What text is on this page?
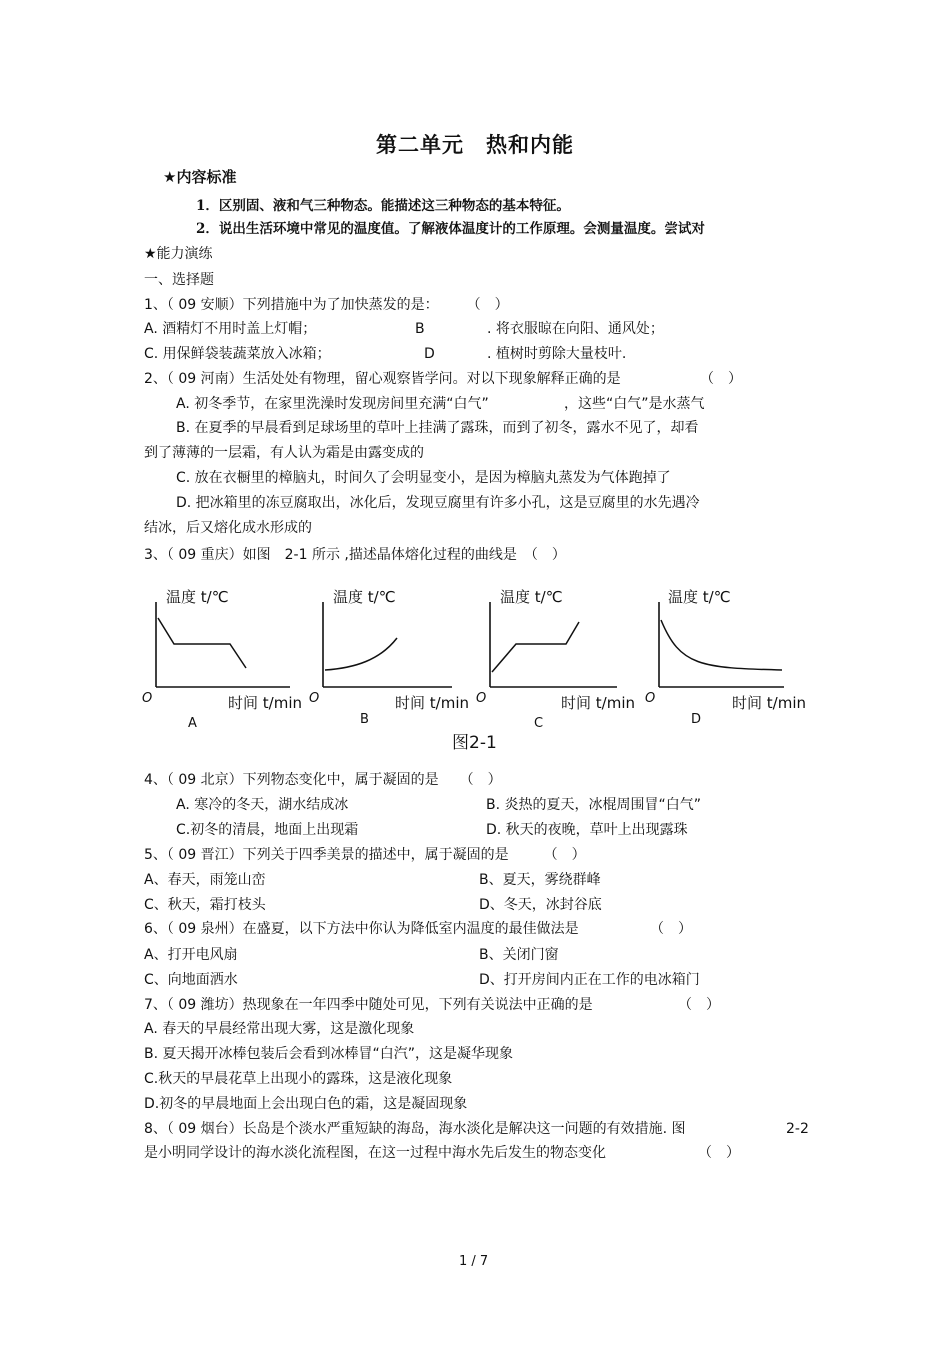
第二单元　热和内能
★内容标准
1．区别固、液和气三种物态。能描述这三种物态的基本特征。
2．说出生活环境中常见的温度值。了解液体温度计的工作原理。会测量温度。尝试对
★能力演练
一、选择题
1、（ 09 安顺）下列措施中为了加快蒸发的是：　　　（　）
A. 酒精灯不用时盖上灯帽；	B	. 将衣服晾在向阳、通风处；
C. 用保鲜袋装蔬菜放入冰箱；	D	. 植树时剪除大量枝叶.
2、（ 09 河南）生活处处有物理，留心观察皆学问。对以下现象解释正确的是	（　）
A. 初冬季节，在家里洗澡时发现房间里充满“白气”	，这些“白气”是水蒸气
B. 在夏季的早晨看到足球场里的草叶上挂满了露珠，而到了初冬，露水不见了，却看
到了薄薄的一层霜，有人认为霜是由露变成的
C. 放在衣橱里的樟脑丸，时间久了会明显变小，是因为樟脑丸蒸发为气体跑掉了
D. 把冰箱里的冻豆腐取出，冰化后，发现豆腐里有许多小孔，这是豆腐里的水先遇冷
结冰，后又熔化成水形成的
3、（ 09 重庆）如图　2-1 所示 ,描述晶体熔化过程的曲线是　（　）
温度 t/℃
O	时间 t/min
A
温度 t/℃
O	时间 t/min
B
温度 t/℃
O	时间 t/min
C
温度 t/℃
O	时间 t/min
D
图2-1
4、（ 09 北京）下列物态变化中，属于凝固的是　　（　）
A. 寒冷的冬天，湖水结成冰	B. 炎热的夏天，冰棍周围冒“白气”
C.初冬的清晨，地面上出现霜	D. 秋天的夜晚，草叶上出现露珠
5、（ 09 晋江）下列关于四季美景的描述中，属于凝固的是　　　（　）
A、春天，雨笼山峦	B、夏天，雾绕群峰
C、秋天，霜打枝头	D、冬天，冰封谷底
6、（ 09 泉州）在盛夏，以下方法中你认为降低室内温度的最佳做法是	（　）
A、打开电风扇	B、关闭门窗
C、向地面洒水	D、打开房间内正在工作的电冰箱门
7、（ 09 潍坊）热现象在一年四季中随处可见，下列有关说法中正确的是	（　）
A. 春天的早晨经常出现大雾，这是激化现象
B. 夏天揭开冰棒包装后会看到冰棒冒“白汽”，这是凝华现象
C.秋天的早晨花草上出现小的露珠，这是液化现象
D.初冬的早晨地面上会出现白色的霜，这是凝固现象
8、（ 09 烟台）长岛是个淡水严重短缺的海岛，海水淡化是解决这一问题的有效措施. 图	2-2
是小明同学设计的海水淡化流程图，在这一过程中海水先后发生的物态变化	（　）
1 / 7
